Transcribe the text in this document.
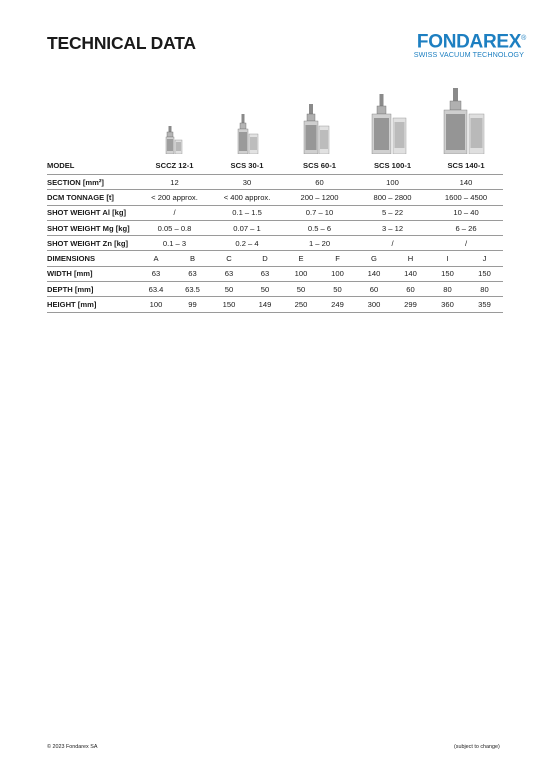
TECHNICAL DATA	FONDAREX®
SWISS VACUUM TECHNOLOGY
MODEL	SCCZ 12-1		SCS 30-1		SCS 60-1		SCS 100-1		SCS 140-1	
SECTION [mm²]	12		30		60		100		140	
DCM TONNAGE [t]	< 200 approx.		< 400 approx.		200 – 1200		800 – 2800		1600 – 4500	
SHOT WEIGHT Al [kg]	/		0.1 – 1.5		0.7 – 10		5 – 22		10 – 40	
SHOT WEIGHT Mg [kg]	0.05 – 0.8		0.07 – 1		0.5 – 6		3 – 12		6 – 26	
SHOT WEIGHT Zn [kg]	0.1 – 3		0.2 – 4		1 – 20		/		/	
DIMENSIONS	A	B	C	D	E	F	G	H	I	J
WIDTH [mm]	63	63	63	63	100	100	140	140	150	150
DEPTH [mm]	63.4	63.5	50	50	50	50	60	60	80	80
HEIGHT [mm]	100	99	150	149	250	249	300	299	360	359
© 2023 Fondarex SA	(subject to change)
